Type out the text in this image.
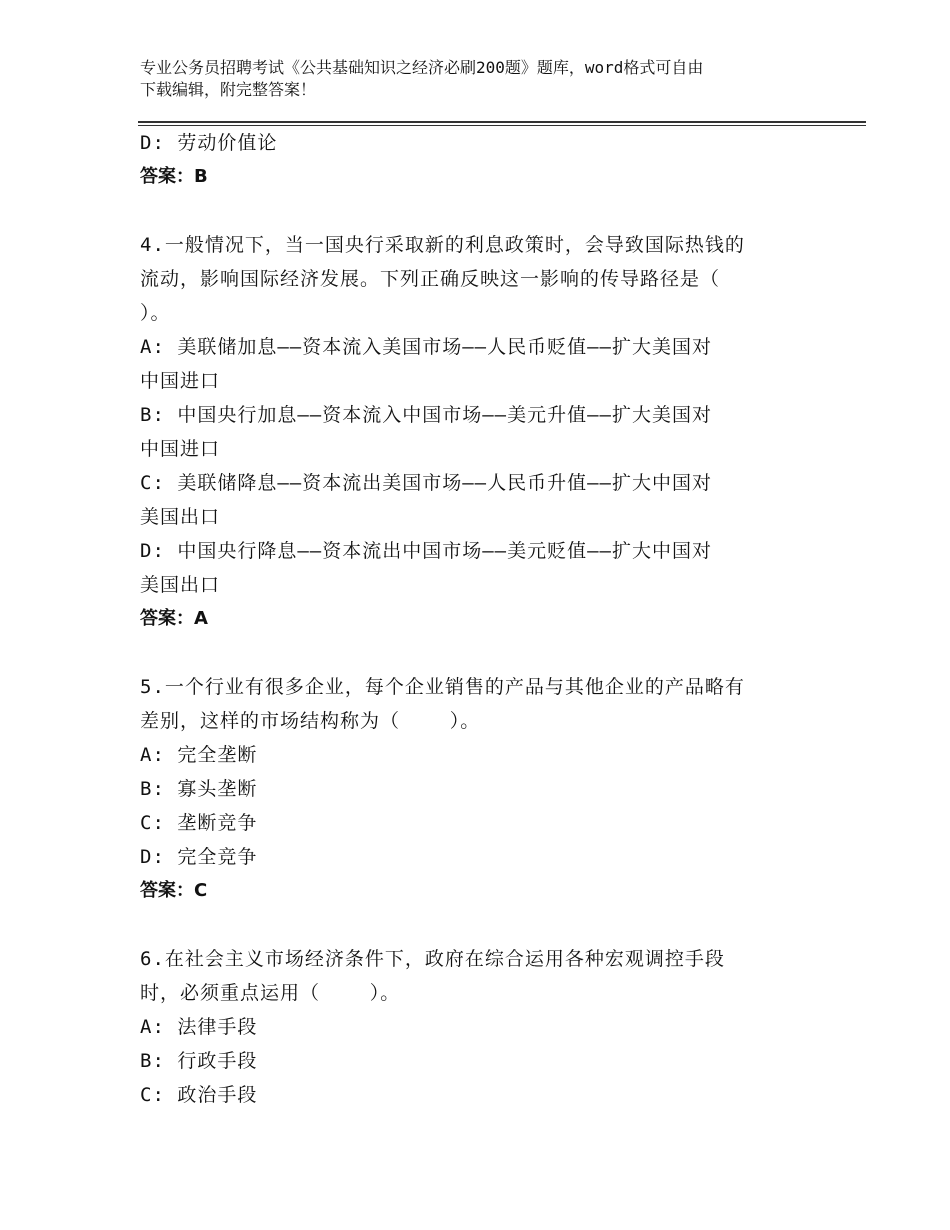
专业公务员招聘考试《公共基础知识之经济必刷200题》题库，word格式可自由
下载编辑，附完整答案！

D: 劳动价值论

答案：B

4.一般情况下，当一国央行采取新的利息政策时，会导致国际热钱的

流动，影响国际经济发展。下列正确反映这一影响的传导路径是（

）。

A: 美联储加息——资本流入美国市场——人民币贬值——扩大美国对

中国进口

B: 中国央行加息——资本流入中国市场——美元升值——扩大美国对

中国进口

C: 美联储降息——资本流出美国市场——人民币升值——扩大中国对

美国出口

D: 中国央行降息——资本流出中国市场——美元贬值——扩大中国对

美国出口

答案：A

5.一个行业有很多企业，每个企业销售的产品与其他企业的产品略有

差别，这样的市场结构称为（    ）。

A: 完全垄断

B: 寡头垄断

C: 垄断竞争

D: 完全竞争

答案：C

6.在社会主义市场经济条件下，政府在综合运用各种宏观调控手段

时，必须重点运用（    ）。

A: 法律手段

B: 行政手段

C: 政治手段
